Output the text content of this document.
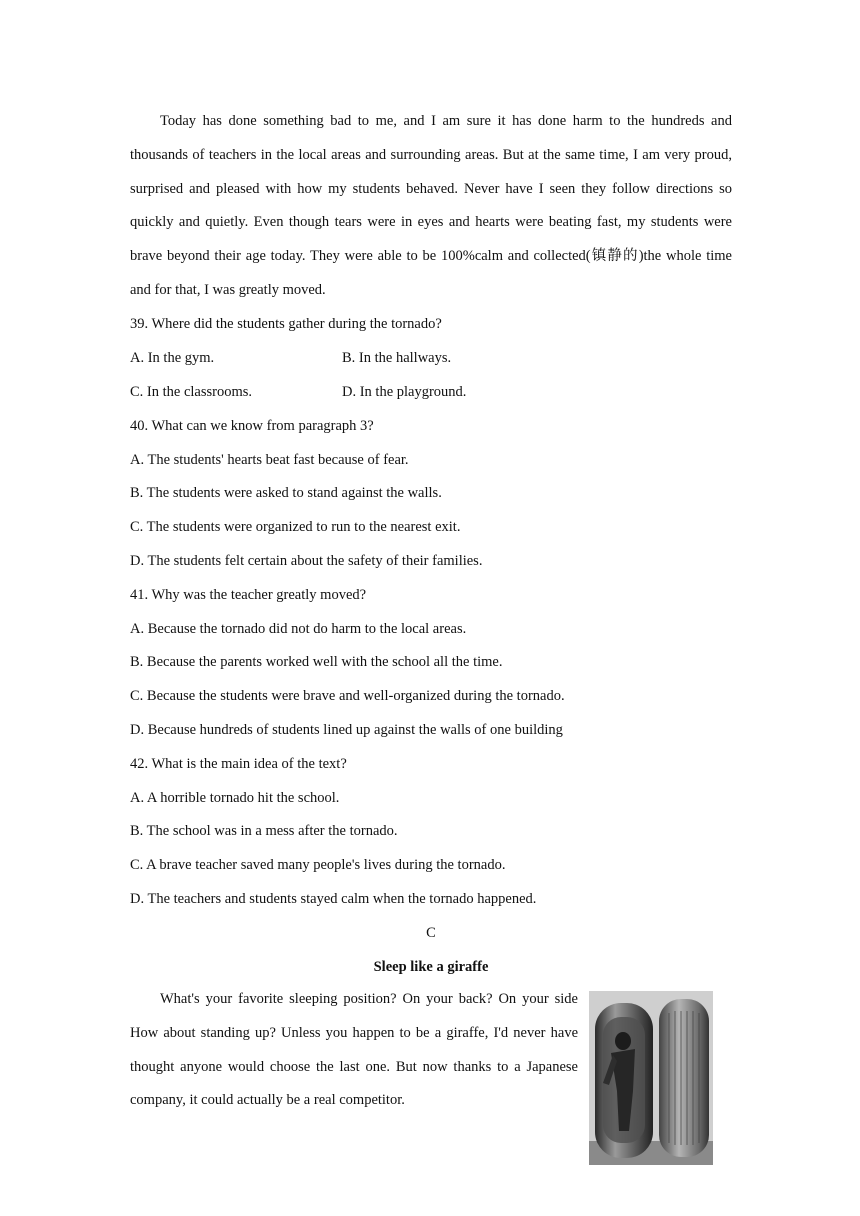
Today has done something bad to me, and I am sure it has done harm to the hundreds and thousands of teachers in the local areas and surrounding areas. But at the same time, I am very proud, surprised and pleased with how my students behaved. Never have I seen they follow directions so quickly and quietly. Even though tears were in eyes and hearts were beating fast, my students were brave beyond their age today. They were able to be 100%calm and collected(镇静的)the whole time and for that, I was greatly moved.

39. Where did the students gather during the tornado?

A. In the gym.	B. In the hallways.

C. In the classrooms.	D. In the playground.

40. What can we know from paragraph 3?

A. The students' hearts beat fast because of fear.

B. The students were asked to stand against the walls.

C. The students were organized to run to the nearest exit.

D. The students felt certain about the safety of their families.

41. Why was the teacher greatly moved?

A. Because the tornado did not do harm to the local areas.

B. Because the parents worked well with the school all the time.

C. Because the students were brave and well-organized during the tornado.

D. Because hundreds of students lined up against the walls of one building

42. What is the main idea of the text?

A. A horrible tornado hit the school.

B. The school was in a mess after the tornado.

C. A brave teacher saved many people's lives during the tornado.

D. The teachers and students stayed calm when the tornado happened.

C

Sleep like a giraffe

What's your favorite sleeping position? On your back? On your side How about standing up? Unless you happen to be a giraffe, I'd never have thought anyone would choose the last one. But now thanks to a Japanese company, it could actually be a real competitor.
